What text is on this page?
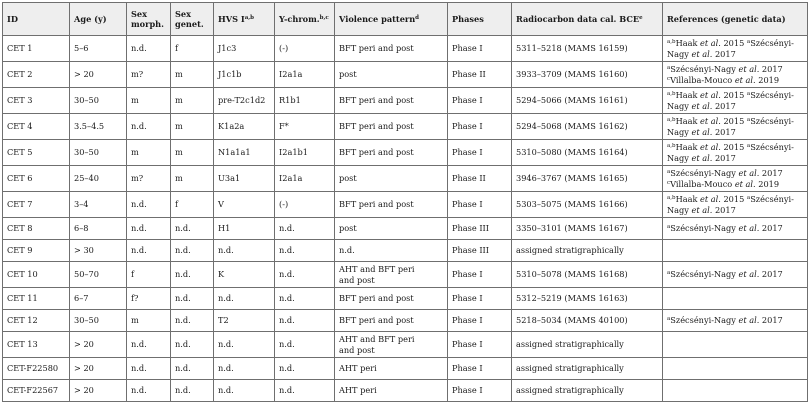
ID	Age (y)	Sex morph.	Sex genet.	HVS I$^{a,b}$	Y-chrom.$^{b,c}$	Violence pattern$^d$	Phases	Radiocarbon data cal. BCE$^e$	References (genetic data)
CET 1	5–6	n.d.	f	J1c3	(-)	BFT peri and post	Phase I	5311–5218 (MAMS 16159)	$^{a,b}$Haak et al. 2015 $^a$Szécsényi-Nagy et al. 2017

CET 2	> 20	m?	m	J1c1b	I2a1a	post	Phase II	3933–3709 (MAMS 16160)	$^a$Szécsényi-Nagy et al. 2017
$^c$Villalba-Mouco et al. 2019

CET 3	30–50	m	m	pre-T2c1d2	R1b1	BFT peri and post	Phase I	5294–5066 (MAMS 16161)	$^{a,b}$Haak et al. 2015 $^a$Szécsényi-Nagy et al. 2017

CET 4	3.5–4.5	n.d.	m	K1a2a	F*	BFT peri and post	Phase I	5294–5068 (MAMS 16162)	$^{a,b}$Haak et al. 2015 $^a$Szécsényi-Nagy et al. 2017

CET 5	30–50	m	m	N1a1a1	I2a1b1	BFT peri and post	Phase I	5310–5080 (MAMS 16164)	$^{a,b}$Haak et al. 2015 $^a$Szécsényi-Nagy et al. 2017

CET 6	25–40	m?	m	U3a1	I2a1a	post	Phase II	3946–3767 (MAMS 16165)	$^a$Szécsényi-Nagy et al. 2017
$^c$Villalba-Mouco et al. 2019

CET 7	3–4	n.d.	f	V	(-)	BFT peri and post	Phase I	5303–5075 (MAMS 16166)	$^{a,b}$Haak et al. 2015 $^a$Szécsényi-Nagy et al. 2017

CET 8	6–8	n.d.	n.d.	H1	n.d.	post	Phase III	3350–3101 (MAMS 16167)	$^a$Szécsényi-Nagy et al. 2017

CET 9	> 30	n.d.	n.d.	n.d.	n.d.	n.d.	Phase III	assigned stratigraphically	
CET 10	50–70	f	n.d.	K	n.d.	AHT and BFT peri
and post	Phase I	5310–5078 (MAMS 16168)	$^a$Szécsényi-Nagy et al. 2017

CET 11	6–7	f?	n.d.	n.d.	n.d.	BFT peri and post	Phase I	5312–5219 (MAMS 16163)	
CET 12	30–50	m	n.d.	T2	n.d.	BFT peri and post	Phase I	5218–5034 (MAMS 40100)	$^a$Szécsényi-Nagy et al. 2017

CET 13	> 20	n.d.	n.d.	n.d.	n.d.	AHT and BFT peri
and post	Phase I	assigned stratigraphically	
CET-F22580	> 20	n.d.	n.d.	n.d.	n.d.	AHT peri	Phase I	assigned stratigraphically	
CET-F22567	> 20	n.d.	n.d.	n.d.	n.d.	AHT peri	Phase I	assigned stratigraphically	
